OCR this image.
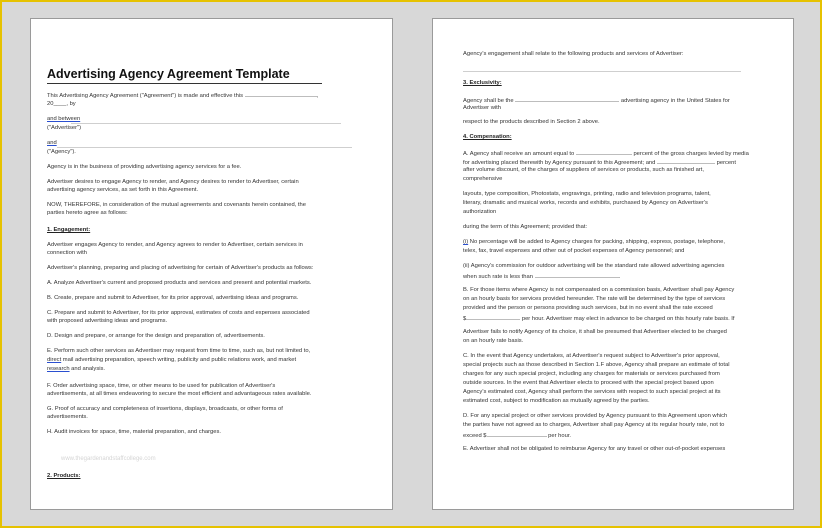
Advertising Agency Agreement Template
This Advertising Agency Agreement ("Agreement") is made and effective this	,
20____, by
and between
("Advertiser")
and
("Agency").
Agency is in the business of providing advertising agency services for a fee.
Advertiser desires to engage Agency to render, and Agency desires to render to Advertiser, certain
advertising agency services, as set forth in this Agreement.
NOW, THEREFORE, in consideration of the mutual agreements and covenants herein contained, the
parties hereto agree as follows:
1. Engagement:
Advertiser engages Agency to render, and Agency agrees to render to Advertiser, certain services in
connection with
Advertiser's planning, preparing and placing of advertising for certain of Advertiser's products as follows:
A. Analyze Advertiser's current and proposed products and services and present and potential markets.
B. Create, prepare and submit to Advertiser, for its prior approval, advertising ideas and programs.
C. Prepare and submit to Advertiser, for its prior approval, estimates of costs and expenses associated
with proposed advertising ideas and programs.
D. Design and prepare, or arrange for the design and preparation of, advertisements.
E. Perform such other services as Advertiser may request from time to time, such as, but not limited to,
direct mail advertising preparation, speech writing, publicity and public relations work, and market
research and analysis.
F. Order advertising space, time, or other means to be used for publication of Advertiser's
advertisements, at all times endeavoring to secure the most efficient and advantageous rates available.
G. Proof of accuracy and completeness of insertions, displays, broadcasts, or other forms of
advertisements.
H. Audit invoices for space, time, material preparation, and charges.
2. Products:
www.thegardenandstaffcollege.com
Agency's engagement shall relate to the following products and services of Advertiser:
3. Exclusivity:
Agency shall be the	advertising agency in the United States for
Advertiser with
respect to the products described in Section 2 above.
4. Compensation:
A. Agency shall receive an amount equal to	percent of the gross charges levied by media
for advertising placed therewith by Agency pursuant to this Agreement; and	percent
after volume discount, of the charges of suppliers of services or products, such as finished art,
comprehensive
layouts, type composition, Photostats, engravings, printing, radio and television programs, talent,
literary, dramatic and musical works, records and exhibits, purchased by Agency on Advertiser's
authorization
during the term of this Agreement; provided that:
(i) No percentage will be added to Agency charges for packing, shipping, express, postage, telephone,
telex, fax, travel expenses and other out of pocket expenses of Agency personnel; and
(ii) Agency's commission for outdoor advertising will be the standard rate allowed advertising agencies
when such rate is less than	.
B. For those items where Agency is not compensated on a commission basis, Advertiser shall pay Agency
on an hourly basis for services provided hereunder. The rate will be determined by the type of services
provided and the person or persons providing such services, but in no event shall the rate exceed
$	per hour. Advertiser may elect in advance to be charged on this hourly rate basis. If
Advertiser fails to notify Agency of its choice, it shall be presumed that Advertiser elected to be charged
on an hourly rate basis.
C. In the event that Agency undertakes, at Advertiser's request subject to Advertiser's prior approval,
special projects such as those described in Section 1.F above, Agency shall prepare an estimate of total
charges for any such special project, including any charges for materials or services purchased from
outside sources. In the event that Advertiser elects to proceed with the special project based upon
Agency's estimated cost, Agency shall perform the services with respect to such special project at its
estimated cost, subject to modification as mutually agreed by the parties.
D. For any special project or other services provided by Agency pursuant to this Agreement upon which
the parties have not agreed as to charges, Advertiser shall pay Agency at its regular hourly rate, not to
exceed $	per hour.
E. Advertiser shall not be obligated to reimburse Agency for any travel or other out-of-pocket expenses
